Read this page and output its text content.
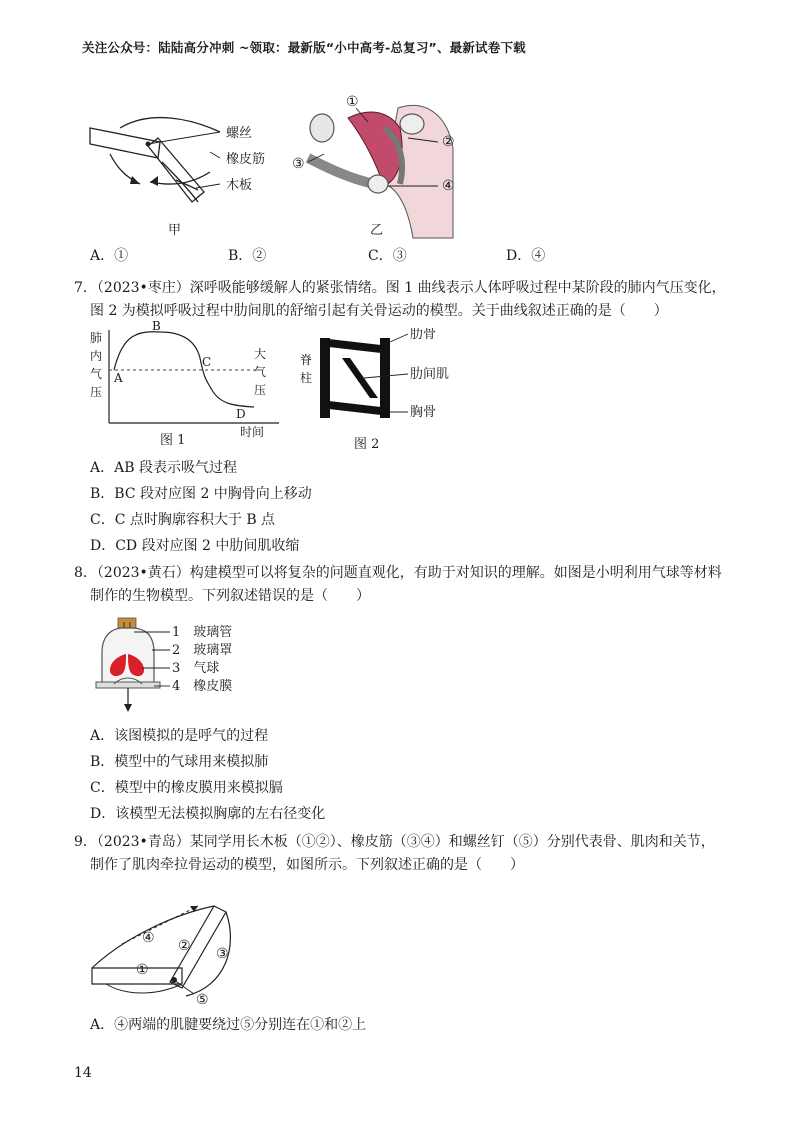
关注公众号：陆陆高分冲刺 ~领取：最新版“小中高考-总复习”、最新试卷下载
螺丝
橡皮筋
木板
甲
①
②
③
④
乙
A．①	B．②	C．③	D．④
7．（2023•枣庄）深呼吸能够缓解人的紧张情绪。图 1 曲线表示人体呼吸过程中某阶段的肺内气压变化，
图 2 为模拟呼吸过程中肋间肌的舒缩引起有关骨运动的模型。关于曲线叙述正确的是（　　）
肺
内
气
压
A
B
C
D
大
气
压
图 1
时间
脊
柱
肋骨
肋间肌
胸骨
图 2
A．AB 段表示吸气过程
B．BC 段对应图 2 中胸骨向上移动
C．C 点时胸廓容积大于 B 点
D．CD 段对应图 2 中肋间肌收缩
8．（2023•黄石）构建模型可以将复杂的问题直观化，有助于对知识的理解。如图是小明利用气球等材料
制作的生物模型。下列叙述错误的是（　　）
1　玻璃管
2　玻璃罩
3　气球
4　橡皮膜
A．该图模拟的是呼气的过程
B．模型中的气球用来模拟肺
C．模型中的橡皮膜用来模拟膈
D．该模型无法模拟胸廓的左右径变化
9．（2023•青岛）某同学用长木板（①②）、橡皮筋（③④）和螺丝钉（⑤）分别代表骨、肌肉和关节，
制作了肌肉牵拉骨运动的模型，如图所示。下列叙述正确的是（　　）
①
② ③
④
⑤
A．④两端的肌腱要绕过⑤分别连在①和②上
14
